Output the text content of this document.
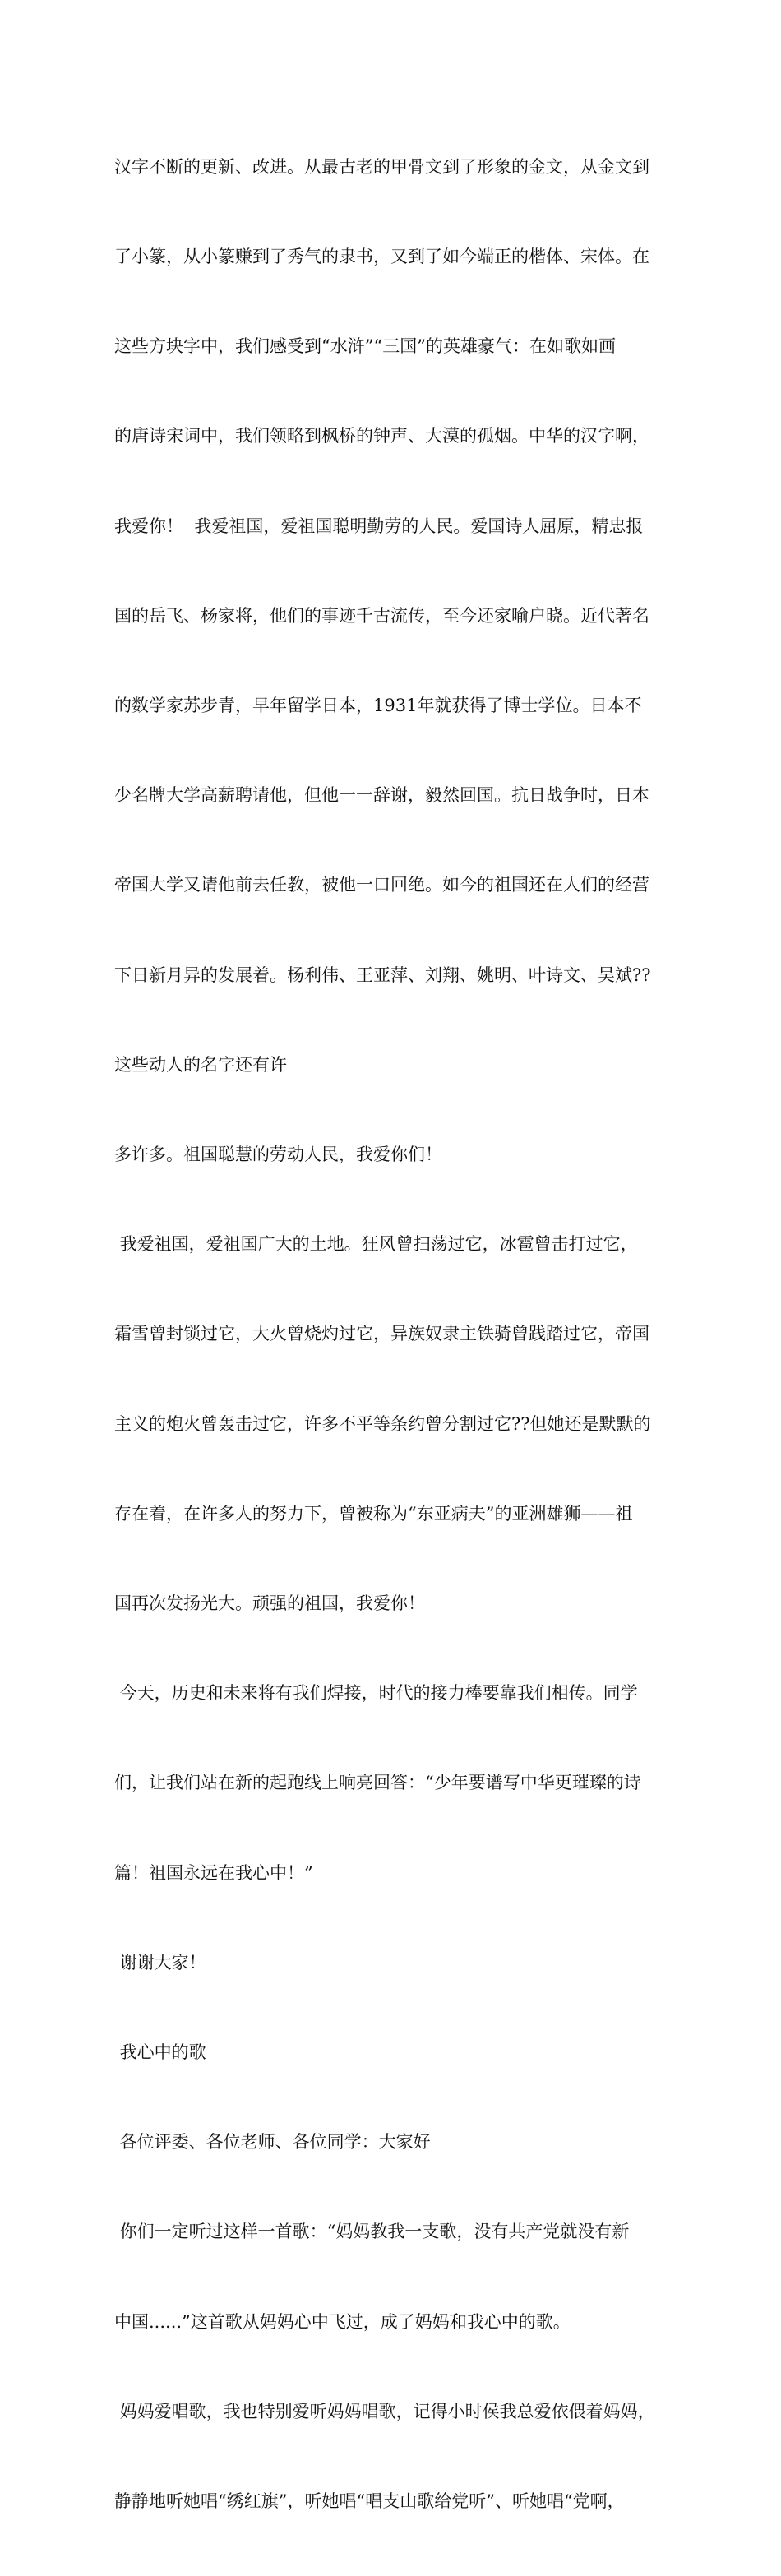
汉字不断的更新、改进。从最古老的甲骨文到了形象的金文，从金文到

了小篆，从小篆赚到了秀气的隶书，又到了如今端正的楷体、宋体。在

这些方块字中，我们感受到“水浒”“三国”的英雄豪气：在如歌如画

的唐诗宋词中，我们领略到枫桥的钟声、大漠的孤烟。中华的汉字啊，

我爱你！  我爱祖国，爱祖国聪明勤劳的人民。爱国诗人屈原，精忠报

国的岳飞、杨家将，他们的事迹千古流传，至今还家喻户晓。近代著名

的数学家苏步青，早年留学日本，1931年就获得了博士学位。日本不

少名牌大学高薪聘请他，但他一一辞谢，毅然回国。抗日战争时，日本

帝国大学又请他前去任教，被他一口回绝。如今的祖国还在人们的经营

下日新月异的发展着。杨利伟、王亚萍、刘翔、姚明、叶诗文、吴斌??

这些动人的名字还有许

多许多。祖国聪慧的劳动人民，我爱你们！

我爱祖国，爱祖国广大的土地。狂风曾扫荡过它，冰雹曾击打过它，

霜雪曾封锁过它，大火曾烧灼过它，异族奴隶主铁骑曾践踏过它，帝国

主义的炮火曾轰击过它，许多不平等条约曾分割过它??但她还是默默的

存在着，在许多人的努力下，曾被称为“东亚病夫”的亚洲雄狮——祖

国再次发扬光大。顽强的祖国，我爱你！

今天，历史和未来将有我们焊接，时代的接力棒要靠我们相传。同学

们，让我们站在新的起跑线上响亮回答：“少年要谱写中华更璀璨的诗

篇！祖国永远在我心中！”

谢谢大家！

我心中的歌

各位评委、各位老师、各位同学：大家好

你们一定听过这样一首歌：“妈妈教我一支歌，没有共产党就没有新

中国......”这首歌从妈妈心中飞过，成了妈妈和我心中的歌。

妈妈爱唱歌，我也特别爱听妈妈唱歌，记得小时侯我总爱依偎着妈妈，

静静地听她唱“绣红旗”，听她唱“唱支山歌给党听”、听她唱“党啊，
